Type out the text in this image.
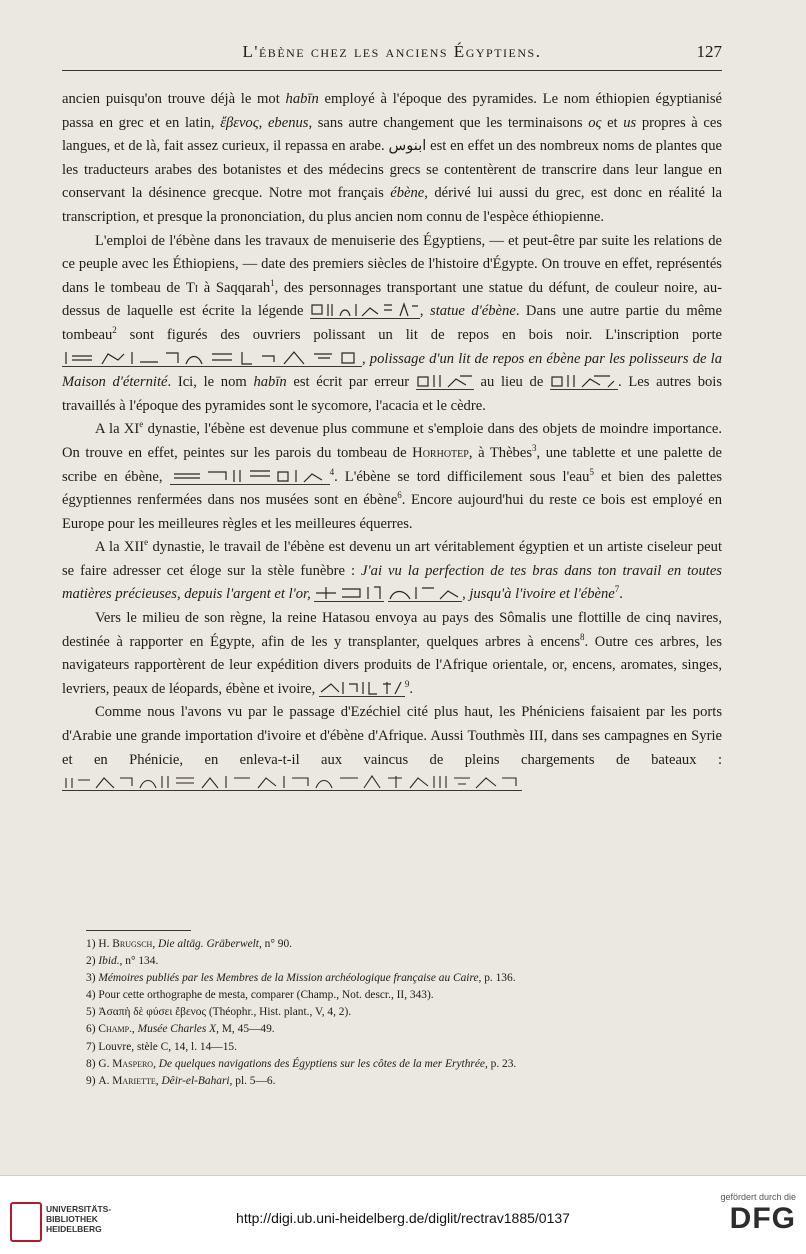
L'ébène chez les anciens Égyptiens.	127

ancien puisqu'on trouve déjà le mot habīn employé à l'époque des pyramides. Le nom éthiopien égyptianisé passa en grec et en latin, ἔβενος, ebenus, sans autre changement que les terminaisons ος et us propres à ces langues, et de là, fait assez curieux, il repassa en arabe. ابنوس est en effet un des nombreux noms de plantes que les traducteurs arabes des botanistes et des médecins grecs se contentèrent de transcrire dans leur langue en conservant la désinence grecque. Notre mot français ébène, dérivé lui aussi du grec, est donc en réalité la transcription, et presque la prononciation, du plus ancien nom connu de l'espèce éthiopienne.

L'emploi de l'ébène dans les travaux de menuiserie des Égyptiens, — et peut-être par suite les relations de ce peuple avec les Éthiopiens, — date des premiers siècles de l'histoire d'Égypte. On trouve en effet, représentés dans le tombeau de Ti à Saqqarah$^1$, des personnages transportant une statue du défunt, de couleur noire, au-dessus de laquelle est écrite la légende	, statue d'ébène. Dans une autre partie du même tombeau$^2$ sont figurés des ouvriers polissant un lit de repos en bois noir. L'inscription porte
, polissage d'un lit de repos en ébène par les polisseurs de la Maison d'éternité. Ici, le nom habīn est écrit par erreur	au lieu de	. Les autres bois travaillés à l'époque des pyramides sont le sycomore, l'acacia et le cèdre.

A la XIe dynastie, l'ébène est devenue plus commune et s'emploie dans des objets de moindre importance. On trouve en effet, peintes sur les parois du tombeau de Horhotep, à Thèbes$^3$, une tablette et une palette de scribe en ébène,	$^4$. L'ébène se tord difficilement sous l'eau$^5$ et bien des palettes égyptiennes renfermées dans nos musées sont en ébène$^6$. Encore aujourd'hui du reste ce bois est employé en Europe pour les meilleures règles et les meilleures équerres.

A la XIIe dynastie, le travail de l'ébène est devenu un art véritablement égyptien et un artiste ciseleur peut se faire adresser cet éloge sur la stèle funèbre : J'ai vu la perfection de tes bras dans ton travail en toutes matières précieuses, depuis l'argent et l'or,
	, jusqu'à l'ivoire et l'ébène$^7$.

Vers le milieu de son règne, la reine Hatasou envoya au pays des Sômalis une flottille de cinq navires, destinée à rapporter en Égypte, afin de les y transplanter, quelques arbres à encens$^8$. Outre ces arbres, les navigateurs rapportèrent de leur expédition divers produits de l'Afrique orientale, or, encens, aromates, singes, levriers, peaux de léopards, ébène et ivoire,	$^9$.

Comme nous l'avons vu par le passage d'Ezéchiel cité plus haut, les Phéniciens faisaient par les ports d'Arabie une grande importation d'ivoire et d'ébène d'Afrique. Aussi Touthmès III, dans ses campagnes en Syrie et en Phénicie, en enleva-t-il aux vaincus de pleins chargements de bateaux :

1) H. Brugsch, Die altäg. Gräberwelt, n° 90.
2) Ibid., n° 134.
3) Mémoires publiés par les Membres de la Mission archéologique française au Caire, p. 136.
4) Pour cette orthographe de mesta, comparer (Champ., Not. descr., II, 343).
5) Ἀσαπὴ δὲ φύσει ἔβενος (Théophr., Hist. plant., V, 4, 2).
6) Champ., Musée Charles X, M, 45—49.
7) Louvre, stèle C, 14, l. 14—15.
8) G. Maspero, De quelques navigations des Égyptiens sur les côtes de la mer Erythrée, p. 23.
9) A. Mariette, Dêir-el-Bahari, pl. 5—6.
UNIVERSITÄTS-
BIBLIOTHEK
HEIDELBERG
http://digi.ub.uni-heidelberg.de/diglit/rectrav1885/0137
gefördert durch die
DFG
